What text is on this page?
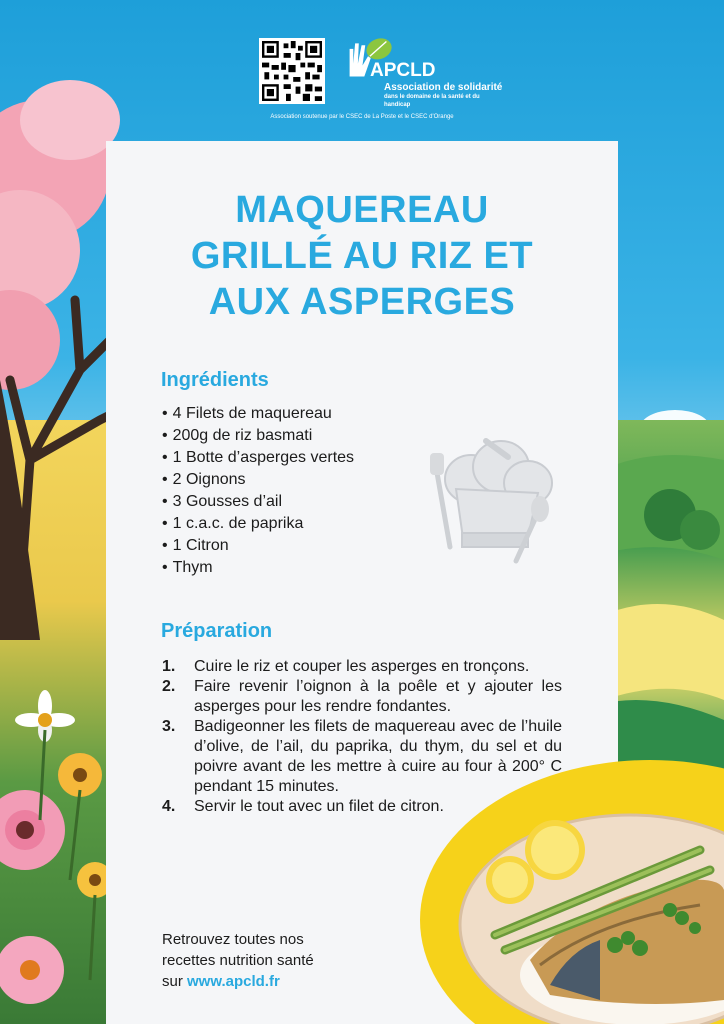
APCLD
Association de solidarité
dans le domaine de la santé et du handicap
Association soutenue par le CSEC de La Poste et le CSEC d'Orange
MAQUEREAU
GRILLÉ AU RIZ ET
AUX ASPERGES
Ingrédients
• 4 Filets de maquereau
• 200g de riz basmati
• 1 Botte d’asperges vertes
• 2 Oignons
• 3 Gousses d’ail
• 1 c.a.c. de paprika
• 1 Citron
• Thym
Préparation
1. Cuire le riz et couper les asperges en tronçons.
2. Faire revenir l’oignon à la poêle et y ajouter les asperges pour les rendre fondantes.
3. Badigeonner les filets de maquereau avec de l’huile d’olive, de l’ail, du paprika, du thym, du sel et du poivre avant de les mettre à cuire au four à 200° C pendant 15 minutes.
4. Servir le tout avec un filet de citron.
Retrouvez toutes nos
recettes nutrition santé
sur www.apcld.fr
